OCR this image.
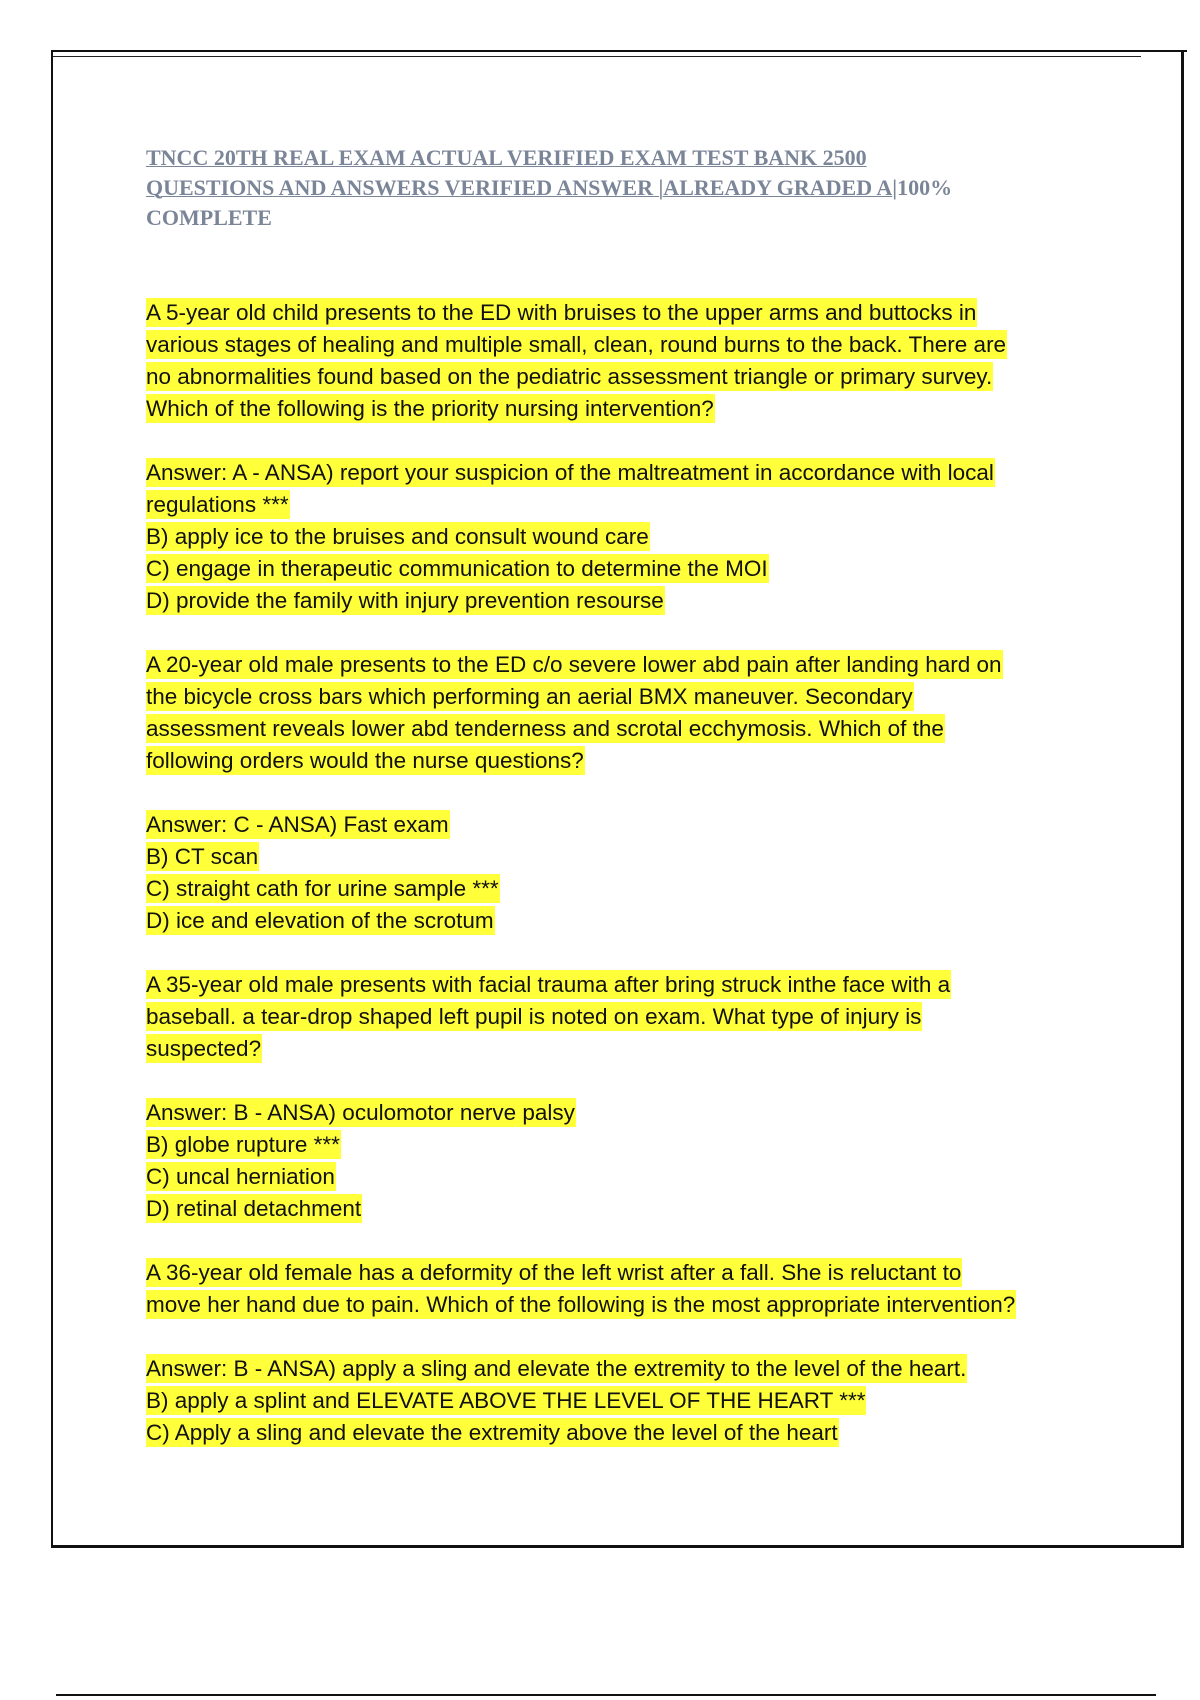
TNCC 20TH REAL EXAM ACTUAL VERIFIED EXAM TEST BANK 2500
QUESTIONS AND ANSWERS VERIFIED ANSWER |ALREADY GRADED A|100%
COMPLETE
A 5-year old child presents to the ED with bruises to the upper arms and buttocks in
various stages of healing and multiple small, clean, round burns to the back. There are
no abnormalities found based on the pediatric assessment triangle or primary survey.
Which of the following is the priority nursing intervention?
Answer: A - ANSA) report your suspicion of the maltreatment in accordance with local
regulations ***
B) apply ice to the bruises and consult wound care
C) engage in therapeutic communication to determine the MOI
D) provide the family with injury prevention resourse
A 20-year old male presents to the ED c/o severe lower abd pain after landing hard on
the bicycle cross bars which performing an aerial BMX maneuver. Secondary
assessment reveals lower abd tenderness and scrotal ecchymosis. Which of the
following orders would the nurse questions?
Answer: C - ANSA) Fast exam
B) CT scan
C) straight cath for urine sample ***
D) ice and elevation of the scrotum
A 35-year old male presents with facial trauma after bring struck inthe face with a
baseball. a tear-drop shaped left pupil is noted on exam. What type of injury is
suspected?
Answer: B - ANSA) oculomotor nerve palsy
B) globe rupture ***
C) uncal herniation
D) retinal detachment
A 36-year old female has a deformity of the left wrist after a fall. She is reluctant to
move her hand due to pain. Which of the following is the most appropriate intervention?
Answer: B - ANSA) apply a sling and elevate the extremity to the level of the heart.
B) apply a splint and ELEVATE ABOVE THE LEVEL OF THE HEART ***
C) Apply a sling and elevate the extremity above the level of the heart
